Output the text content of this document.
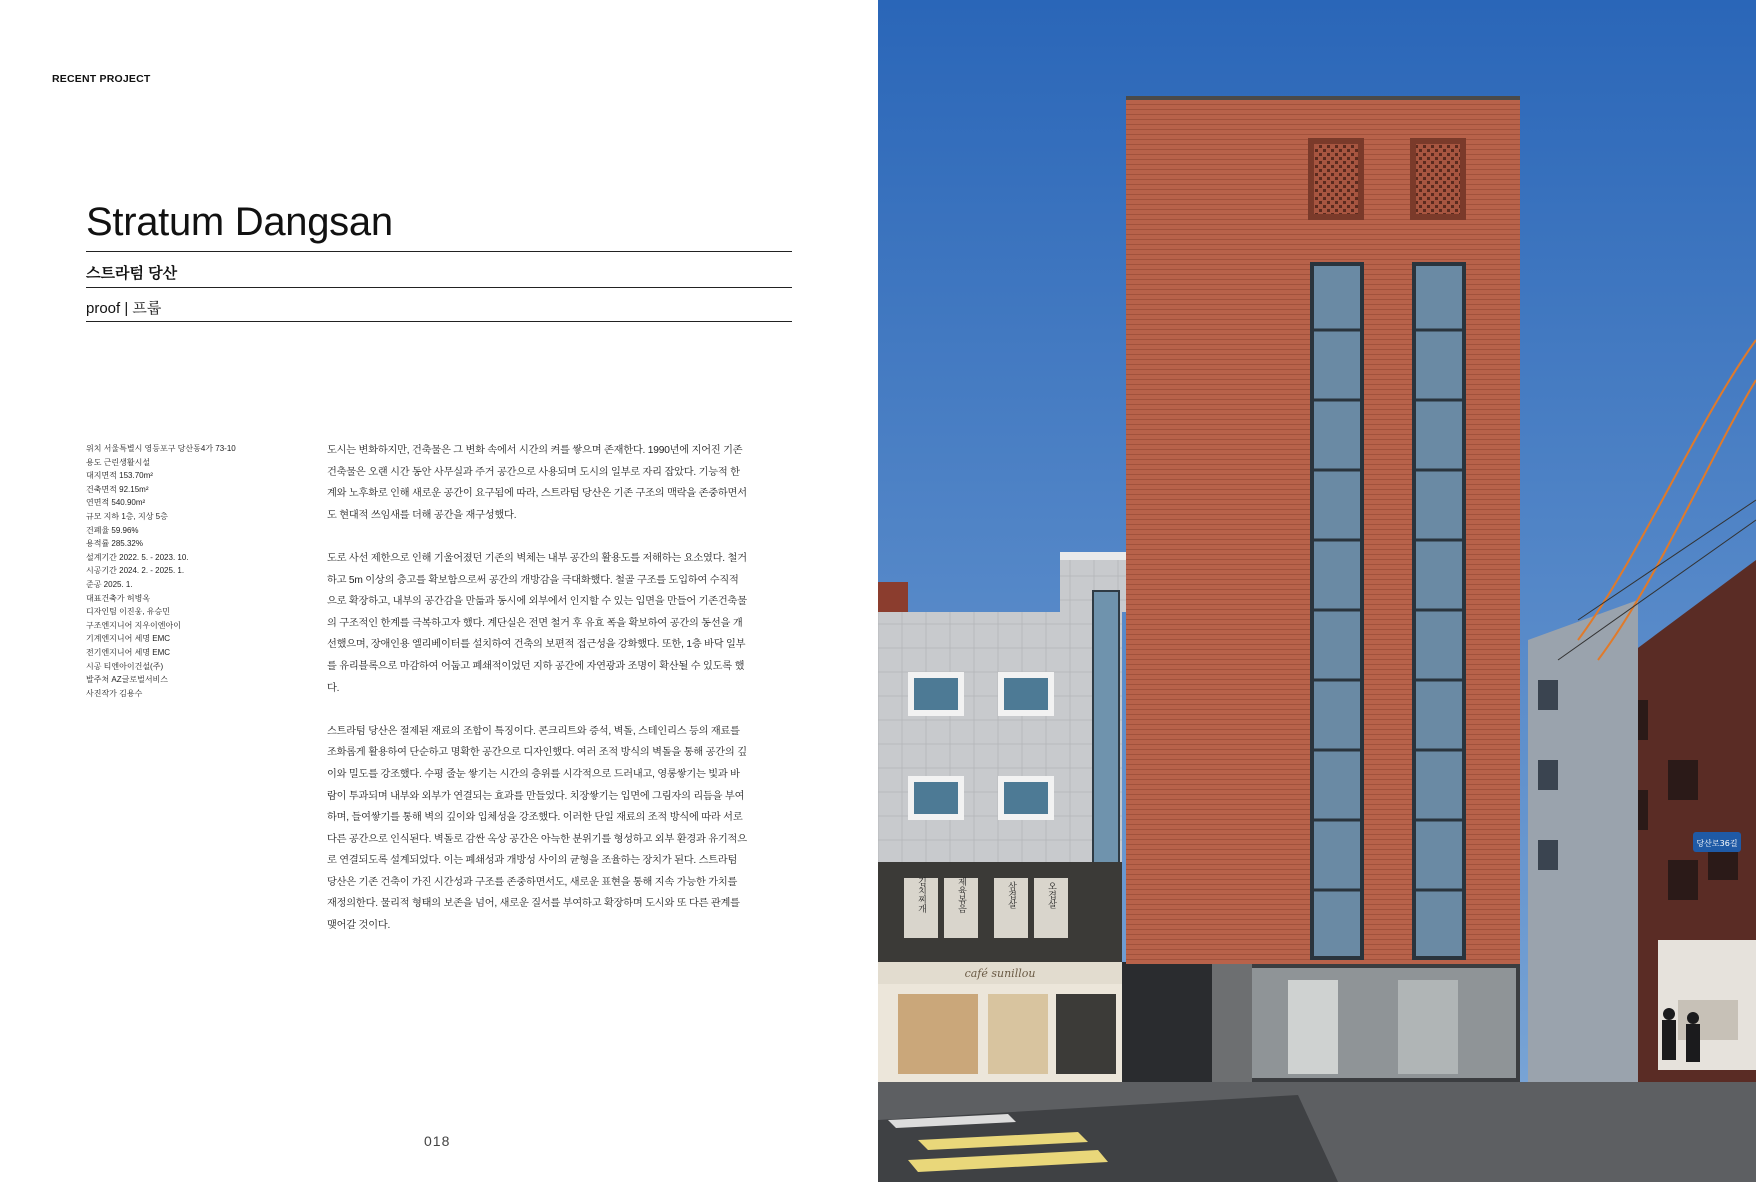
RECENT PROJECT
Stratum Dangsan
스트라텀 당산
proof | 프룹
위치 서울특별시 영등포구 당산동4가 73-10
용도 근린생활시설
대지면적 153.70m²
건축면적 92.15m²
연면적 540.90m²
규모 지하 1층, 지상 5층
건폐율 59.96%
용적률 285.32%
설계기간 2022. 5. - 2023. 10.
시공기간 2024. 2. - 2025. 1.
준공 2025. 1.
대표건축가 허병옥
디자인팀 이진웅, 유승민
구조엔지니어 지우이엔아이
기계엔지니어 세명 EMC
전기엔지니어 세명 EMC
시공 티엔아이건설(주)
발주처 AZ글로벌서비스
사진작가 김용수

도시는 변화하지만, 건축물은 그 변화 속에서 시간의 켜를 쌓으며 존재한다. 1990년에 지어진 기존건축물은 오랜 시간 동안 사무실과 주거 공간으로 사용되며 도시의 일부로 자리 잡았다. 기능적 한계와 노후화로 인해 새로운 공간이 요구됨에 따라, 스트라텀 당산은 기존 구조의 맥락을 존중하면서도 현대적 쓰임새를 더해 공간을 재구성했다.

도로 사선 제한으로 인해 기울어졌던 기존의 벽체는 내부 공간의 활용도를 저해하는 요소였다. 철거하고 5m 이상의 층고를 확보함으로써 공간의 개방감을 극대화했다. 철골 구조를 도입하여 수직적으로 확장하고, 내부의 공간감을 만듦과 동시에 외부에서 인지할 수 있는 입면을 만들어 기존건축물의 구조적인 한계를 극복하고자 했다. 계단실은 전면 철거 후 유효 폭을 확보하여 공간의 동선을 개선했으며, 장애인용 엘리베이터를 설치하여 건축의 보편적 접근성을 강화했다. 또한, 1층 바닥 일부를 유리블록으로 마감하여 어둡고 폐쇄적이었던 지하 공간에 자연광과 조명이 확산될 수 있도록 했다.

스트라텀 당산은 절제된 재료의 조합이 특징이다. 콘크리트와 증석, 벽돌, 스테인리스 등의 재료를 조화롭게 활용하여 단순하고 명확한 공간으로 디자인했다. 여러 조적 방식의 벽돌을 통해 공간의 깊이와 밀도를 강조했다. 수평 줄눈 쌓기는 시간의 층위를 시각적으로 드러내고, 영롱쌓기는 빛과 바람이 투과되며 내부와 외부가 연결되는 효과를 만들었다. 치장쌓기는 입면에 그림자의 리듬을 부여하며, 들여쌓기를 통해 벽의 깊이와 입체성을 강조했다. 이러한 단일 재료의 조적 방식에 따라 서로 다른 공간으로 인식된다. 벽돌로 감싼 옥상 공간은 아늑한 분위기를 형성하고 외부 환경과 유기적으로 연결되도록 설계되었다. 이는 폐쇄성과 개방성 사이의 균형을 조율하는 장치가 된다. 스트라텀 당산은 기존 건축이 가진 시간성과 구조를 존중하면서도, 새로운 표현을 통해 지속 가능한 가치를 재정의한다. 물리적 형태의 보존을 넘어, 새로운 질서를 부여하고 확장하며 도시와 또 다른 관계를 맺어갈 것이다.

018
당산로36길
김치찌개	제육볶음	삼겹살	오겹살
café sunillou
